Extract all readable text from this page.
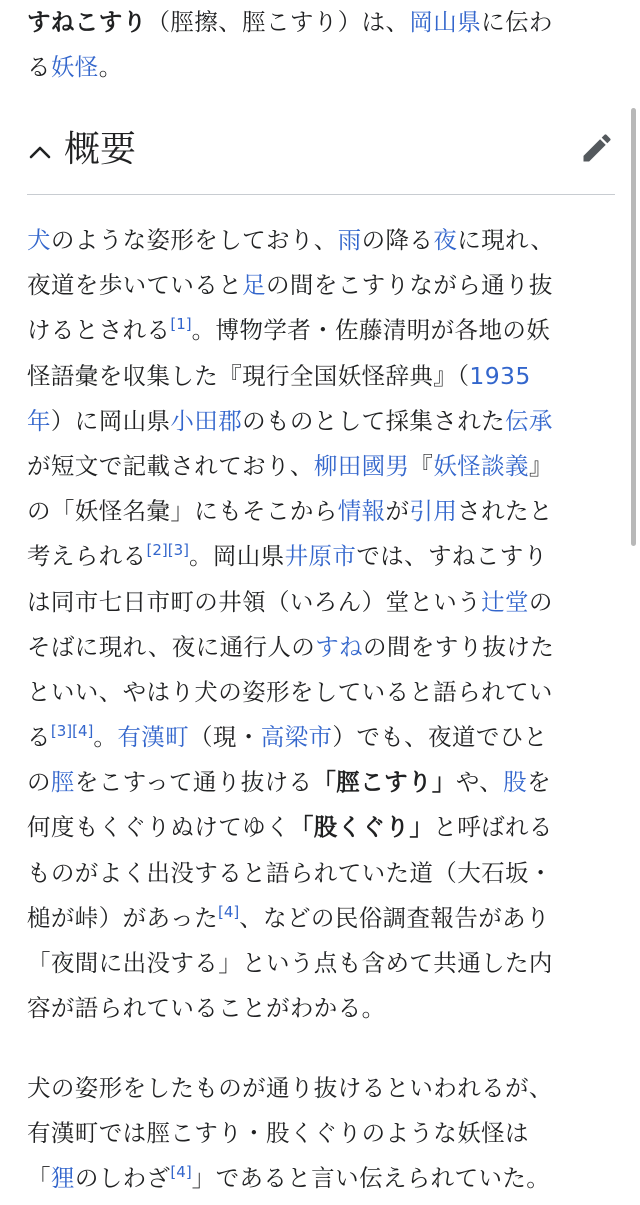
すねこすり（脛擦、脛こすり）は、岡山県に伝わ
る妖怪。

犬のような姿形をしており、雨の降る夜に現れ、
夜道を歩いていると足の間をこすりながら通り抜
けるとされる[1]。博物学者・佐藤清明が各地の妖
怪語彙を収集した『現行全国妖怪辞典』（1935
年）に岡山県小田郡のものとして採集された伝承
が短文で記載されており、柳田國男『妖怪談義』
の「妖怪名彙」にもそこから情報が引用されたと
考えられる[2][3]。岡山県井原市では、すねこすり
は同市七日市町の井領（いろん）堂という辻堂の
そばに現れ、夜に通行人のすねの間をすり抜けた
といい、やはり犬の姿形をしていると語られてい
る[3][4]。有漢町（現・高梁市）でも、夜道でひと
の脛をこすって通り抜ける「脛こすり」や、股を
何度もくぐりぬけてゆく「股くぐり」と呼ばれる
ものがよく出没すると語られていた道（大石坂・
槌が峠）があった[4]、などの民俗調査報告があり
「夜間に出没する」という点も含めて共通した内
容が語られていることがわかる。

犬の姿形をしたものが通り抜けるといわれるが、
有漢町では脛こすり・股くぐりのような妖怪は
「狸のしわざ[4]」であると言い伝えられていた。

概要
